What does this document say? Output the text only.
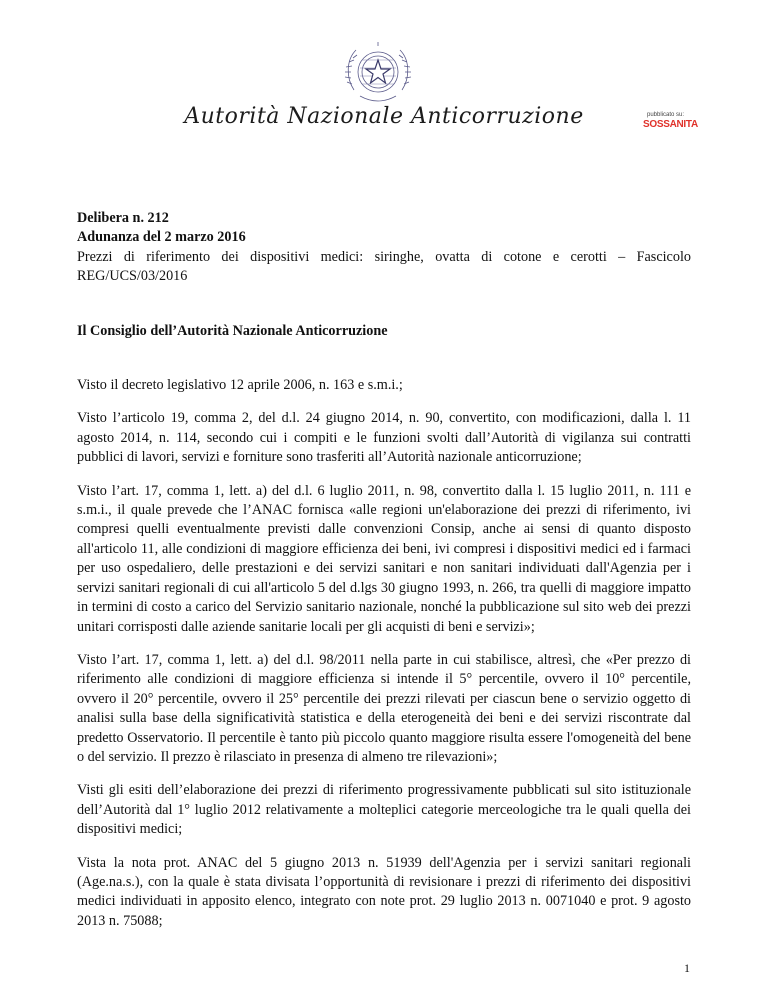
Autorità Nazionale Anticorruzione	pubblicato su:
SOSSANITA

Delibera n. 212

Adunanza del 2 marzo 2016

Prezzi di riferimento dei dispositivi medici: siringhe, ovatta di cotone e cerotti – Fascicolo REG/UCS/03/2016

Il Consiglio dell’Autorità Nazionale Anticorruzione

Visto il decreto legislativo 12 aprile 2006, n. 163 e s.m.i.;

Visto l’articolo 19, comma 2, del d.l. 24 giugno 2014, n. 90, convertito, con modificazioni, dalla l. 11 agosto 2014, n. 114, secondo cui i compiti e le funzioni svolti dall’Autorità di vigilanza sui contratti pubblici di lavori, servizi e forniture sono trasferiti all’Autorità nazionale anticorruzione;

Visto l’art. 17, comma 1, lett. a) del d.l. 6 luglio 2011, n. 98, convertito dalla l. 15 luglio 2011, n. 111 e s.m.i., il quale prevede che l’ANAC fornisca «alle regioni un'elaborazione dei prezzi di riferimento, ivi compresi quelli eventualmente previsti dalle convenzioni Consip, anche ai sensi di quanto disposto all'articolo 11, alle condizioni di maggiore efficienza dei beni, ivi compresi i dispositivi medici ed i farmaci per uso ospedaliero, delle prestazioni e dei servizi sanitari e non sanitari individuati dall'Agenzia per i servizi sanitari regionali di cui all'articolo 5 del d.lgs 30 giugno 1993, n. 266, tra quelli di maggiore impatto in termini di costo a carico del Servizio sanitario nazionale, nonché la pubblicazione sul sito web dei prezzi unitari corrisposti dalle aziende sanitarie locali per gli acquisti di beni e servizi»;

Visto l’art. 17, comma 1, lett. a) del d.l. 98/2011 nella parte in cui stabilisce, altresì, che «Per prezzo di riferimento alle condizioni di maggiore efficienza si intende il 5° percentile, ovvero il 10° percentile, ovvero il 20° percentile, ovvero il 25° percentile dei prezzi rilevati per ciascun bene o servizio oggetto di analisi sulla base della significatività statistica e della eterogeneità dei beni e dei servizi riscontrate dal predetto Osservatorio. Il percentile è tanto più piccolo quanto maggiore risulta essere l'omogeneità del bene o del servizio. Il prezzo è rilasciato in presenza di almeno tre rilevazioni»;

Visti gli esiti dell’elaborazione dei prezzi di riferimento progressivamente pubblicati sul sito istituzionale dell’Autorità dal 1° luglio 2012 relativamente a molteplici categorie merceologiche tra le quali quella dei dispositivi medici;

Vista la nota prot. ANAC del 5 giugno 2013 n. 51939 dell'Agenzia per i servizi sanitari regionali (Age.na.s.), con la quale è stata divisata l’opportunità di revisionare i prezzi di riferimento dei dispositivi medici individuati in apposito elenco, integrato con note prot. 29 luglio 2013 n. 0071040 e prot. 9 agosto 2013 n. 75088;

1
